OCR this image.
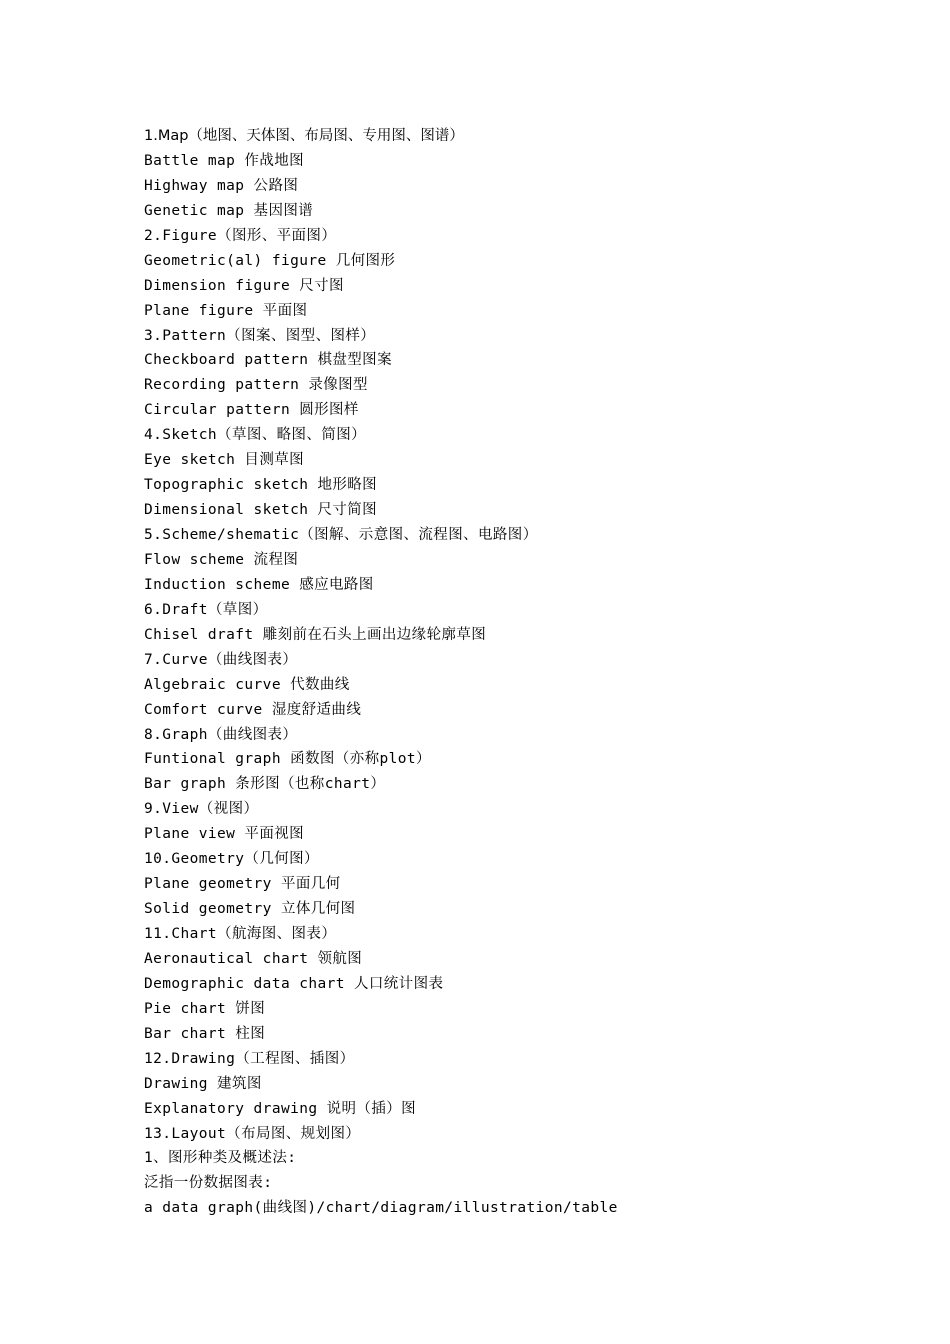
1.Map（地图、天体图、布局图、专用图、图谱）
Battle map 作战地图
Highway map 公路图
Genetic map 基因图谱
2.Figure（图形、平面图）
Geometric(al) figure 几何图形
Dimension figure 尺寸图
Plane figure 平面图
3.Pattern（图案、图型、图样）
Checkboard pattern 棋盘型图案
Recording pattern 录像图型
Circular pattern 圆形图样
4.Sketch（草图、略图、简图）
Eye sketch 目测草图
Topographic sketch 地形略图
Dimensional sketch 尺寸简图
5.Scheme/shematic（图解、示意图、流程图、电路图）
Flow scheme 流程图
Induction scheme 感应电路图
6.Draft（草图）
Chisel draft 雕刻前在石头上画出边缘轮廓草图
7.Curve（曲线图表）
Algebraic curve 代数曲线
Comfort curve 湿度舒适曲线
8.Graph（曲线图表）
Funtional graph 函数图（亦称plot）
Bar graph 条形图（也称chart）
9.View（视图）
Plane view 平面视图
10.Geometry（几何图）
Plane geometry 平面几何
Solid geometry 立体几何图
11.Chart（航海图、图表）
Aeronautical chart 领航图
Demographic data chart 人口统计图表
Pie chart 饼图
Bar chart 柱图
12.Drawing（工程图、插图）
Drawing 建筑图
Explanatory drawing 说明（插）图
13.Layout（布局图、规划图）
1、图形种类及概述法:
泛指一份数据图表:
a data graph(曲线图)/chart/diagram/illustration/table
